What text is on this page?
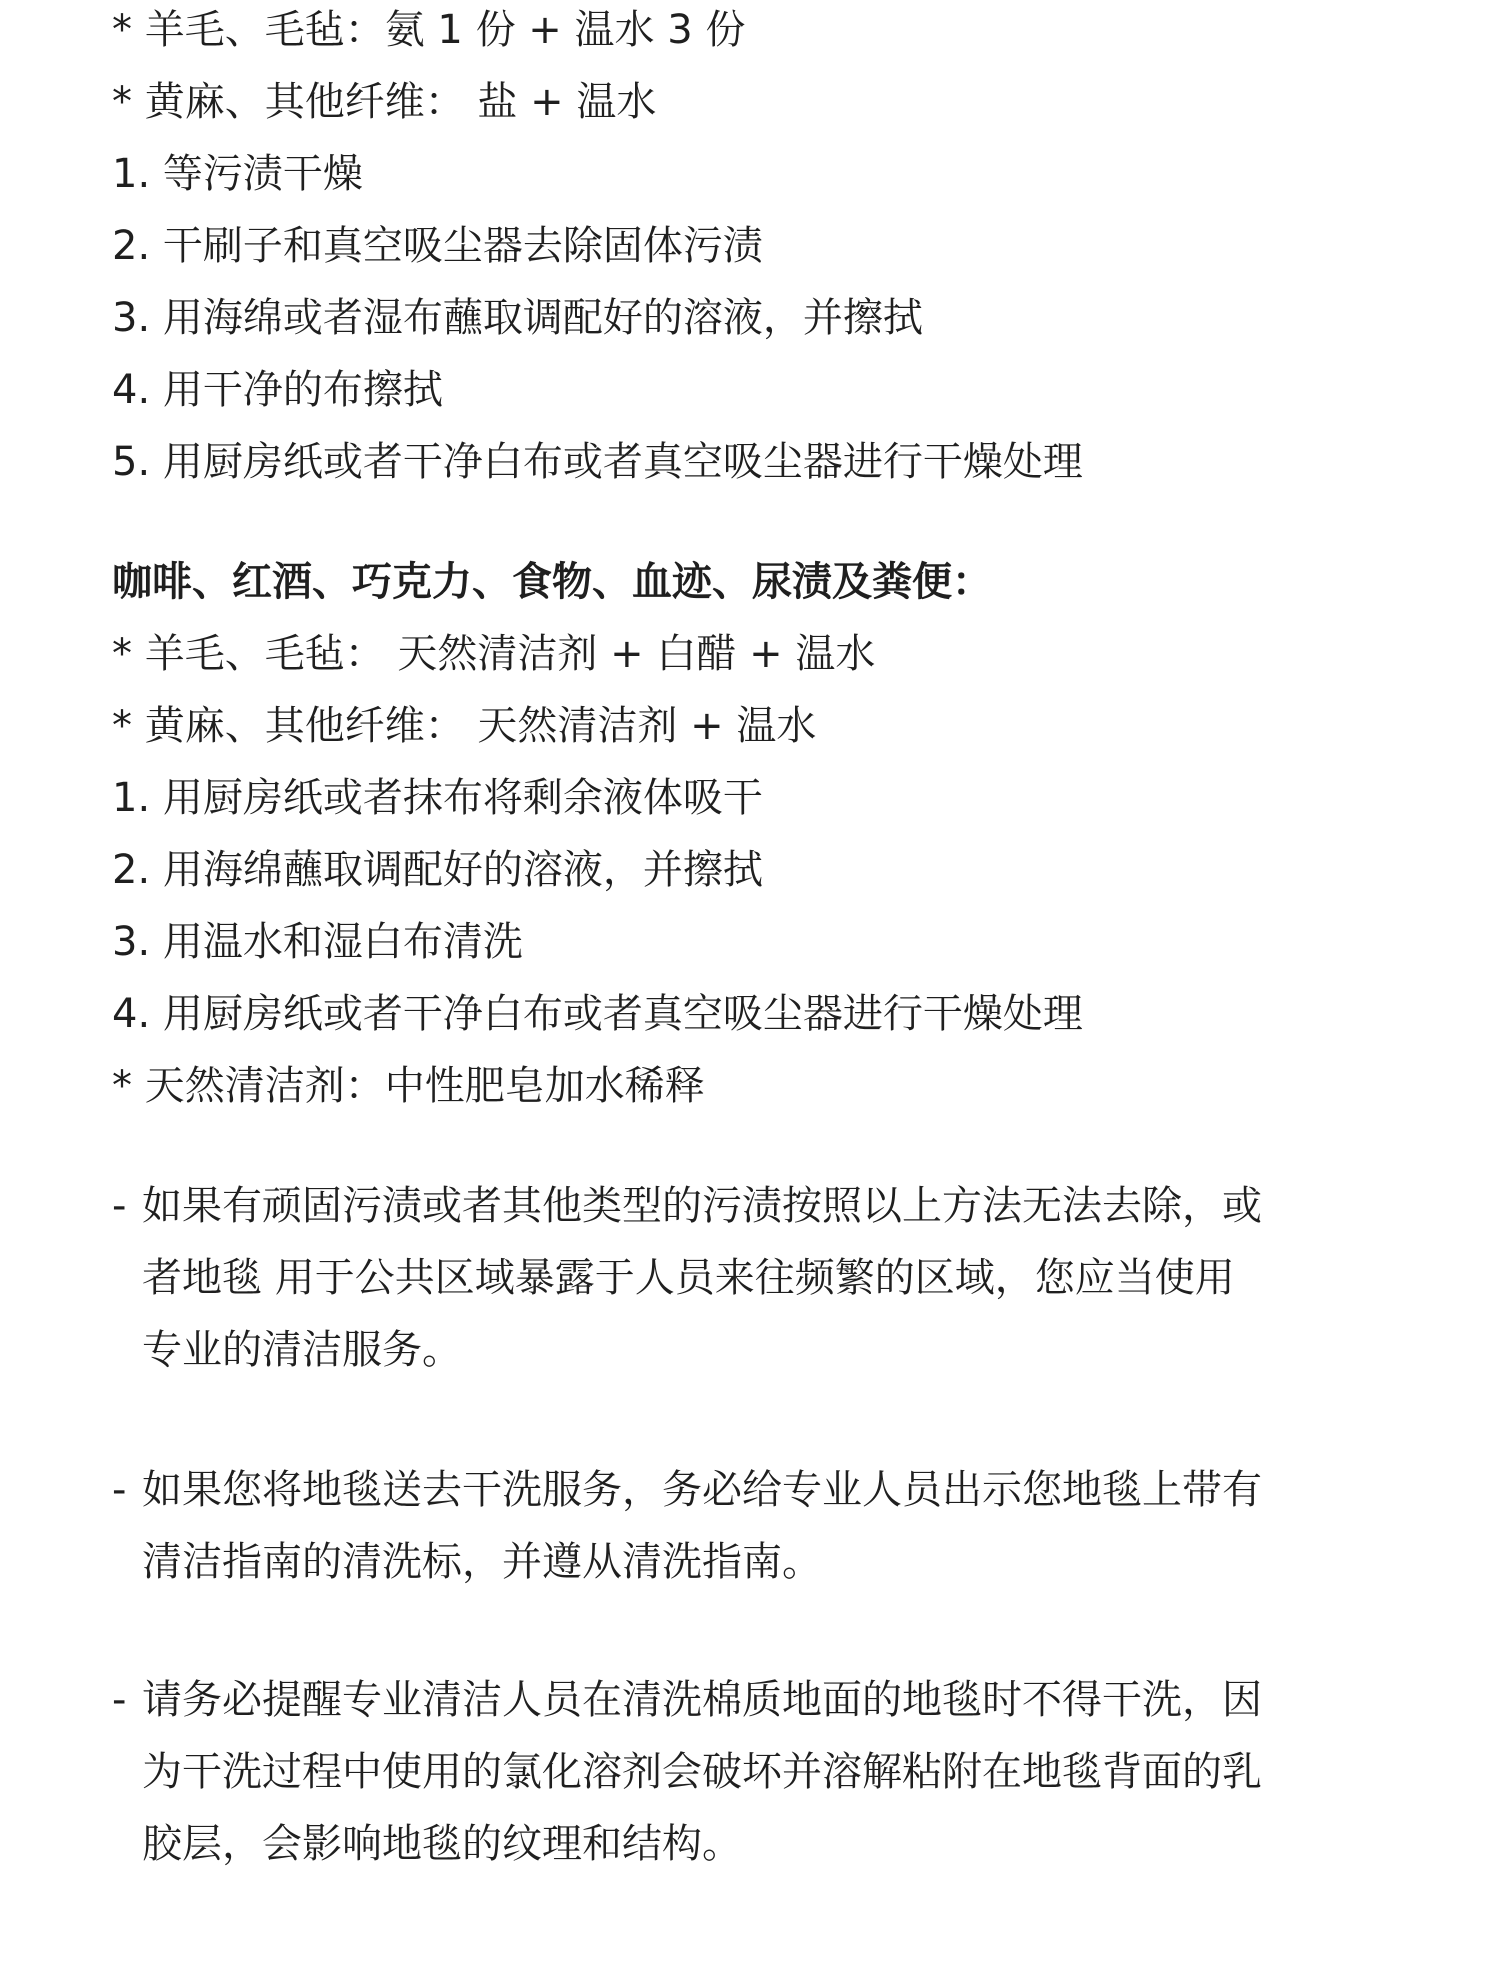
* 羊毛、毛毡：氨 1 份 + 温水 3 份
* 黄麻、其他纤维： 盐 + 温水
1. 等污渍干燥
2. 干刷子和真空吸尘器去除固体污渍
3. 用海绵或者湿布蘸取调配好的溶液，并擦拭
4. 用干净的布擦拭
5. 用厨房纸或者干净白布或者真空吸尘器进行干燥处理
咖啡、红酒、巧克力、食物、血迹、尿渍及粪便：
* 羊毛、毛毡： 天然清洁剂 + 白醋 + 温水
* 黄麻、其他纤维： 天然清洁剂 + 温水
1. 用厨房纸或者抹布将剩余液体吸干
2. 用海绵蘸取调配好的溶液，并擦拭
3. 用温水和湿白布清洗
4. 用厨房纸或者干净白布或者真空吸尘器进行干燥处理
* 天然清洁剂：中性肥皂加水稀释
- 如果有顽固污渍或者其他类型的污渍按照以上方法无法去除，或
者地毯 用于公共区域暴露于人员来往频繁的区域，您应当使用
专业的清洁服务。
- 如果您将地毯送去干洗服务，务必给专业人员出示您地毯上带有
清洁指南的清洗标，并遵从清洗指南。
- 请务必提醒专业清洁人员在清洗棉质地面的地毯时不得干洗，因
为干洗过程中使用的氯化溶剂会破坏并溶解粘附在地毯背面的乳
胶层，会影响地毯的纹理和结构。
